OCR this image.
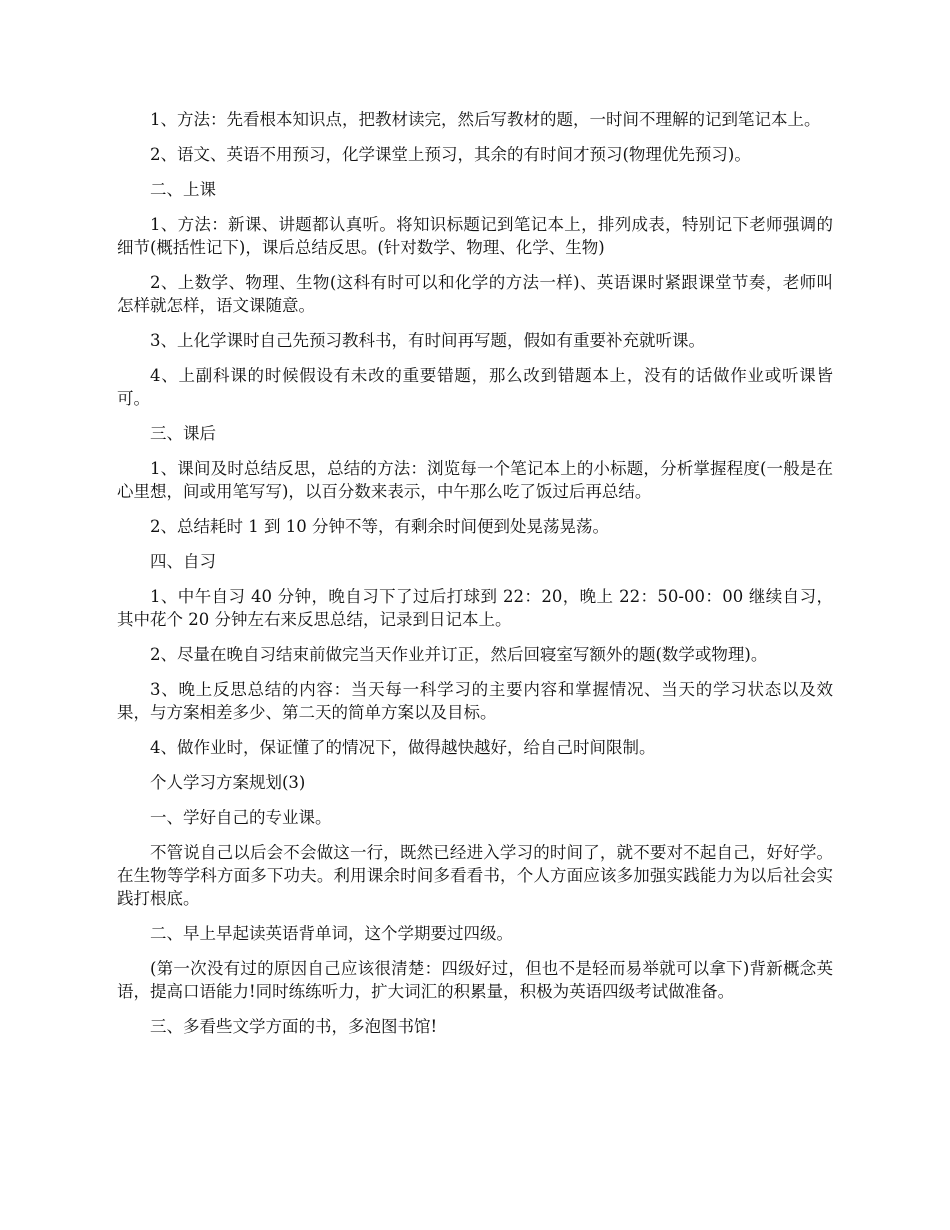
1、方法：先看根本知识点，把教材读完，然后写教材的题，一时间不理解的记到笔记本上。

2、语文、英语不用预习，化学课堂上预习，其余的有时间才预习(物理优先预习)。

二、上课

1、方法：新课、讲题都认真听。将知识标题记到笔记本上，排列成表，特别记下老师强调的细节(概括性记下)，课后总结反思。(针对数学、物理、化学、生物)

2、上数学、物理、生物(这科有时可以和化学的方法一样)、英语课时紧跟课堂节奏，老师叫怎样就怎样，语文课随意。

3、上化学课时自己先预习教科书，有时间再写题，假如有重要补充就听课。

4、上副科课的时候假设有未改的重要错题，那么改到错题本上，没有的话做作业或听课皆可。

三、课后

1、课间及时总结反思，总结的方法：浏览每一个笔记本上的小标题，分析掌握程度(一般是在心里想，间或用笔写写)，以百分数来表示，中午那么吃了饭过后再总结。

2、总结耗时 1 到 10 分钟不等，有剩余时间便到处晃荡晃荡。

四、自习

1、中午自习 40 分钟，晚自习下了过后打球到 22：20，晚上 22：50-00：00 继续自习，其中花个 20 分钟左右来反思总结，记录到日记本上。

2、尽量在晚自习结束前做完当天作业并订正，然后回寝室写额外的题(数学或物理)。

3、晚上反思总结的内容：当天每一科学习的主要内容和掌握情况、当天的学习状态以及效果，与方案相差多少、第二天的简单方案以及目标。

4、做作业时，保证懂了的情况下，做得越快越好，给自己时间限制。

个人学习方案规划(3)

一、学好自己的专业课。

不管说自己以后会不会做这一行，既然已经进入学习的时间了，就不要对不起自己，好好学。在生物等学科方面多下功夫。利用课余时间多看看书，个人方面应该多加强实践能力为以后社会实践打根底。

二、早上早起读英语背单词，这个学期要过四级。

(第一次没有过的原因自己应该很清楚：四级好过，但也不是轻而易举就可以拿下)背新概念英语，提高口语能力!同时练练听力，扩大词汇的积累量，积极为英语四级考试做准备。

三、多看些文学方面的书，多泡图书馆!
